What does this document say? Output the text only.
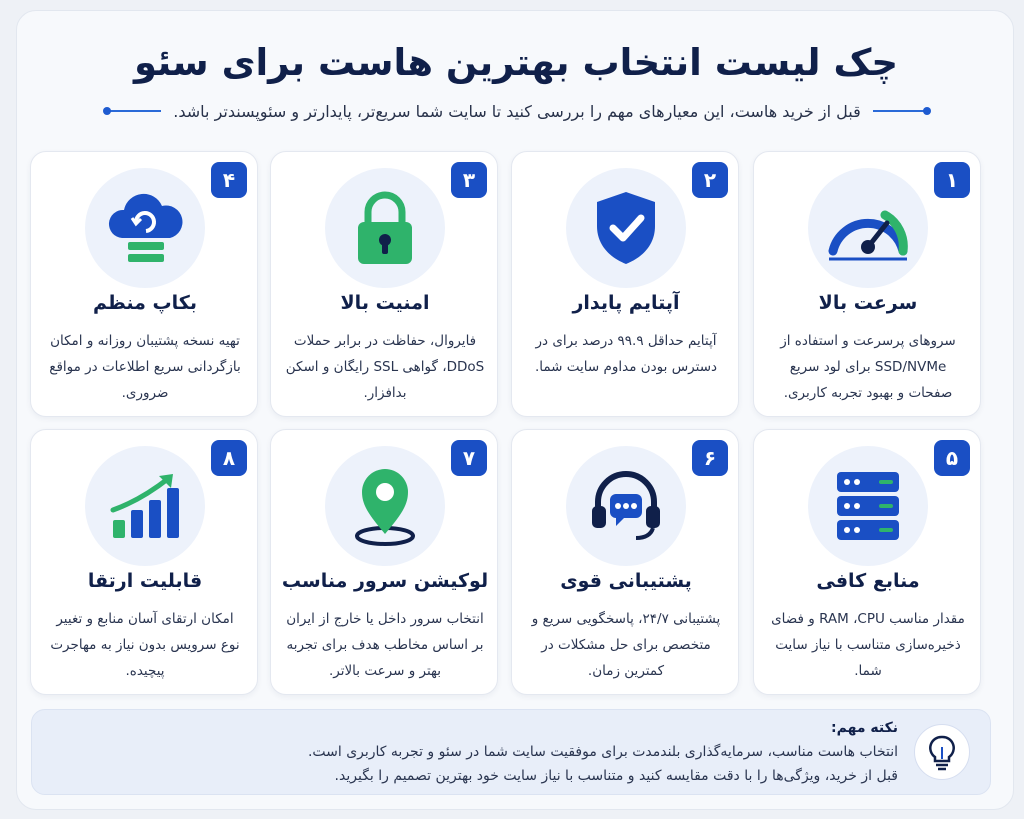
چک لیست انتخاب بهترین هاست برای سئو
قبل از خرید هاست، این معیارهای مهم را بررسی کنید تا سایت شما سریع‌تر، پایدارتر و سئوپسندتر باشد.
۱
سرعت بالا
سروهای پرسرعت و استفاده از SSD/NVMe برای لود سریع صفحات و بهبود تجربه کاربری.
۲
آپتایم پایدار
آپتایم حداقل ۹۹.۹ درصد برای در دسترس بودن مداوم سایت شما.
۳
امنیت بالا
فایروال، حفاظت در برابر حملات DDoS، گواهی SSL رایگان و اسکن بدافزار.
۴
بکاپ منظم
تهیه نسخه پشتیبان روزانه و امکان بازگردانی سریع اطلاعات در مواقع ضروری.
۵
منابع کافی
مقدار مناسب RAM ،CPU و فضای ذخیره‌سازی متناسب با نیاز سایت شما.
۶
پشتیبانی قوی
پشتیبانی ۲۴/۷، پاسخگویی سریع و متخصص برای حل مشکلات در کمترین زمان.
۷
لوکیشن سرور مناسب
انتخاب سرور داخل یا خارج از ایران بر اساس مخاطب هدف برای تجربه بهتر و سرعت بالاتر.
۸
قابلیت ارتقا
امکان ارتقای آسان منابع و تغییر نوع سرویس بدون نیاز به مهاجرت پیچیده.
نکته مهم:
انتخاب هاست مناسب، سرمایه‌گذاری بلندمدت برای موفقیت سایت شما در سئو و تجربه کاربری است.
قبل از خرید، ویژگی‌ها را با دقت مقایسه کنید و متناسب با نیاز سایت خود بهترین تصمیم را بگیرید.
